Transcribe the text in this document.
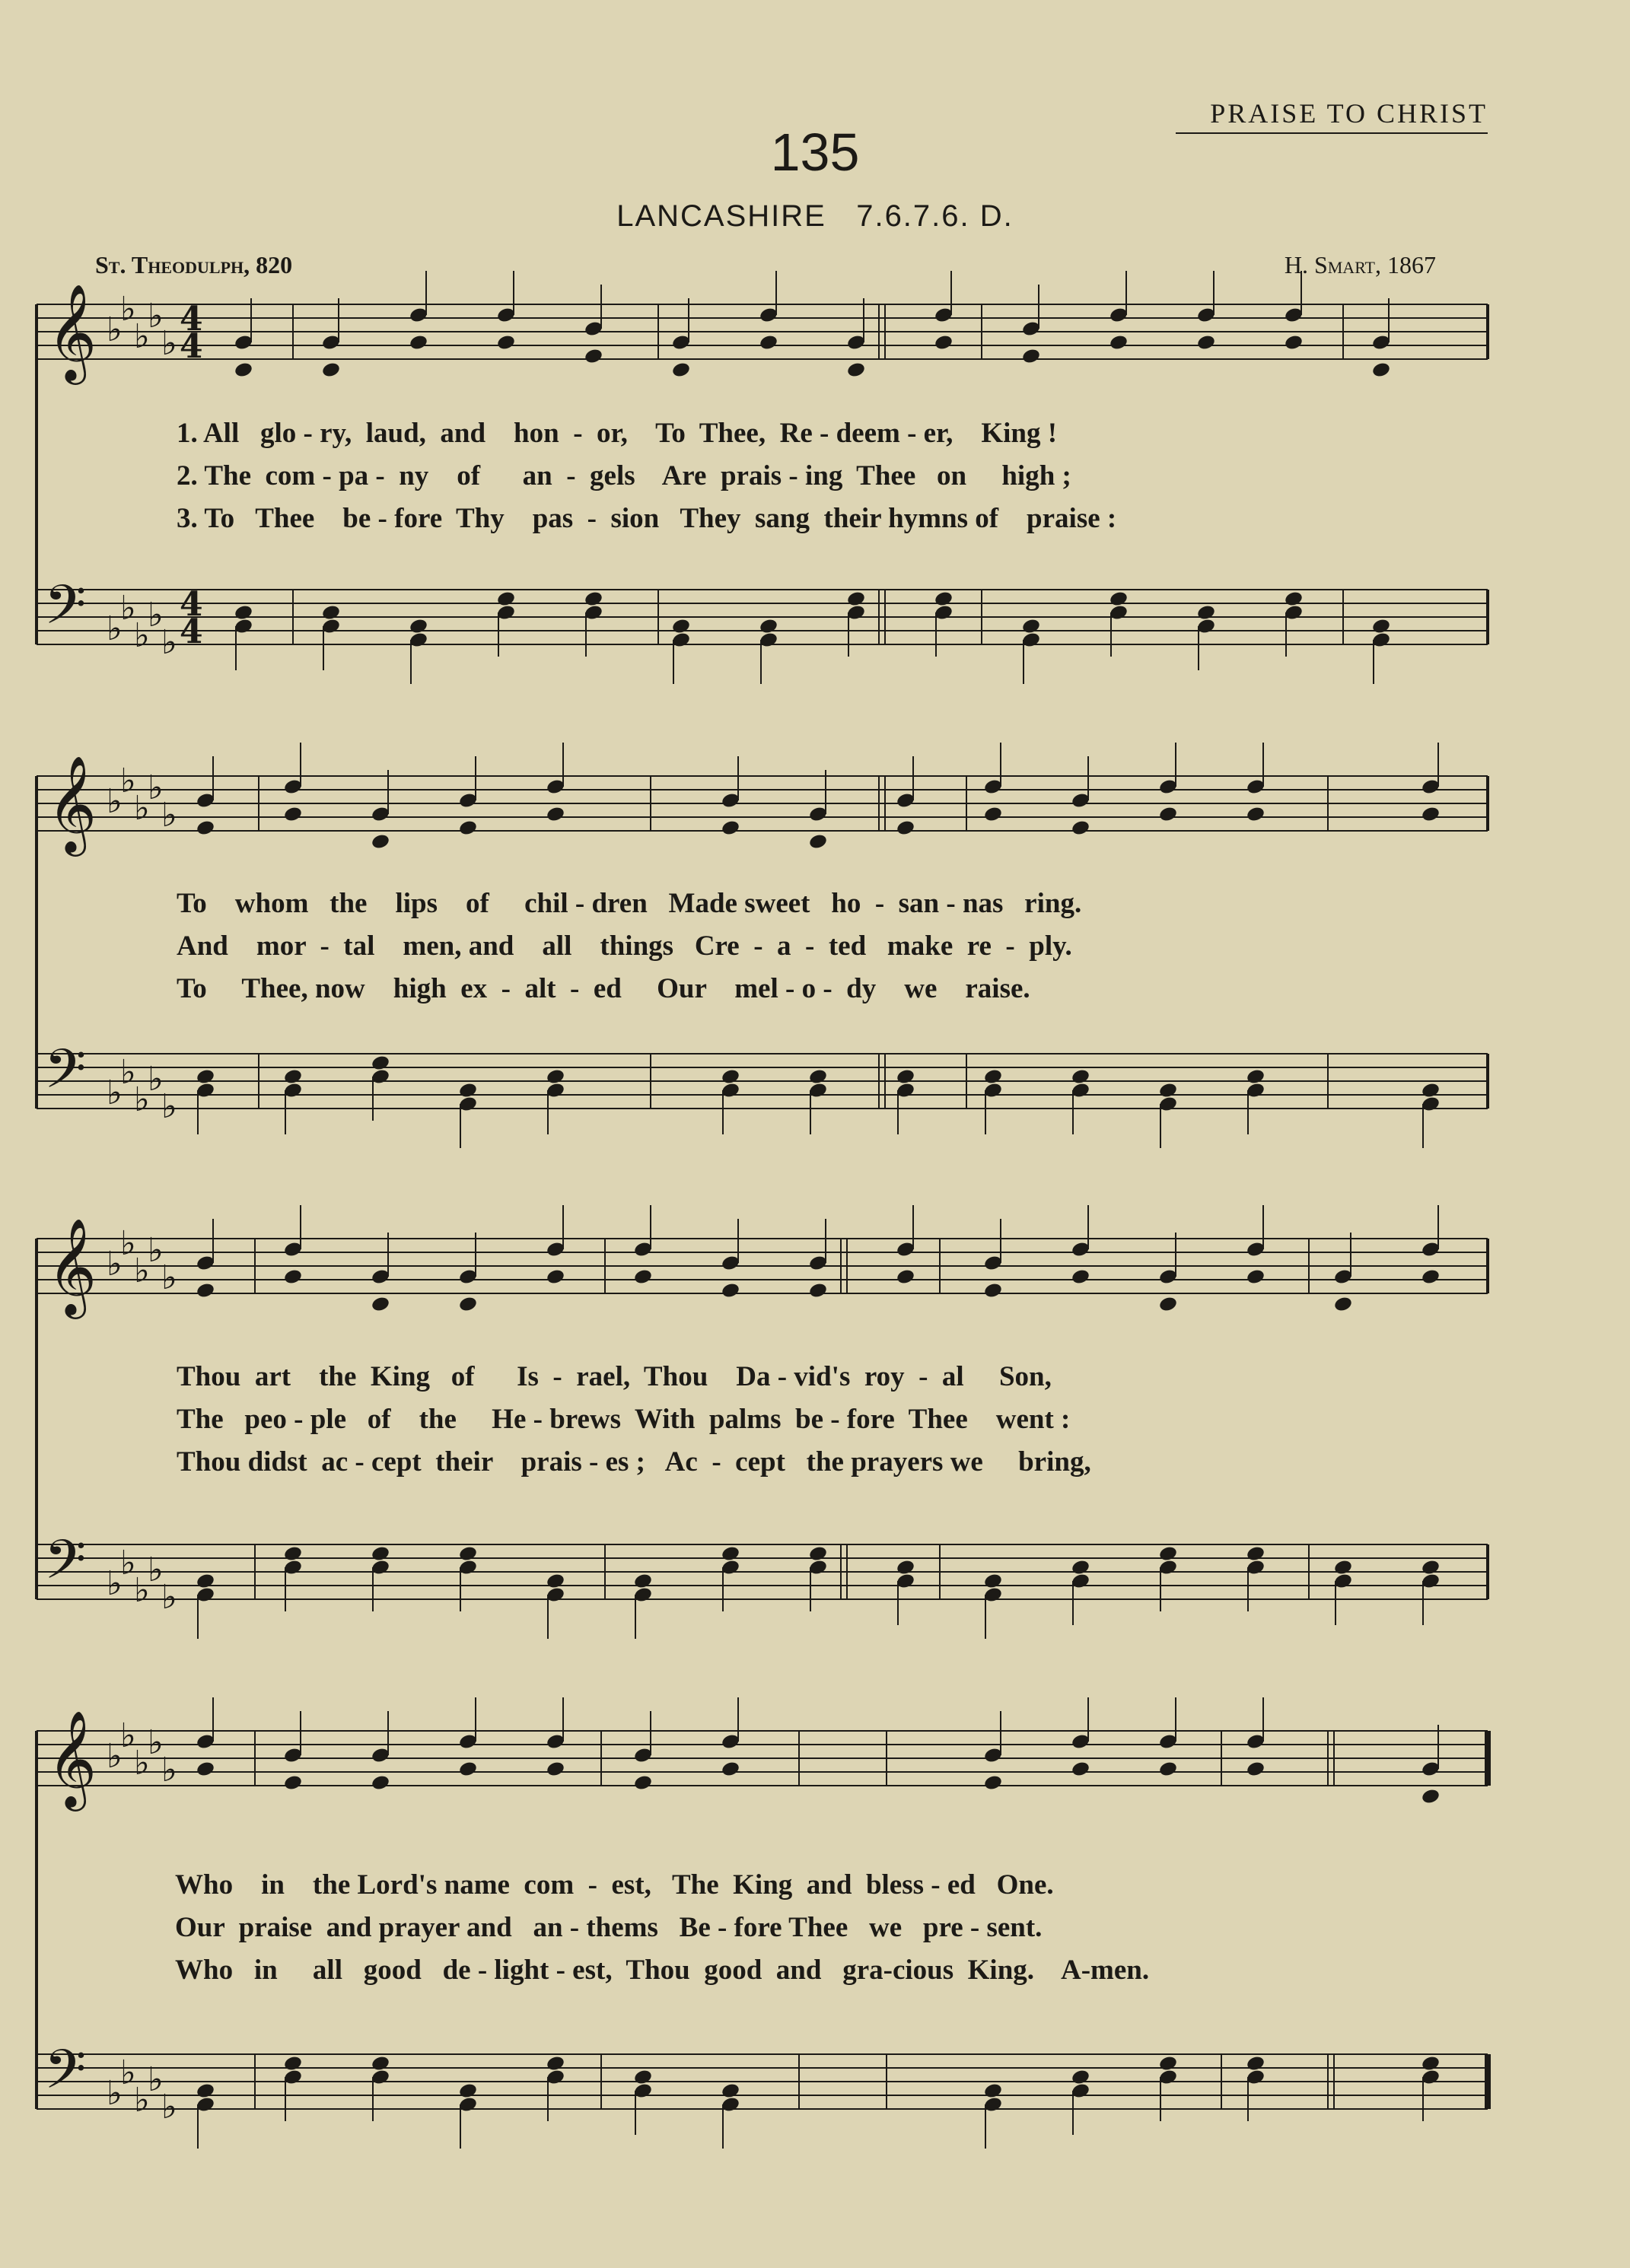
PRAISE TO CHRIST
135
LANCASHIRE 7.6.7.6. D.
St. Theodulph, 820	H. Smart, 1867
𝄞
𝄢
♭
♭
♭
♭
♭
♭
♭
♭
♭
♭
4
4
4
4
𝄞
𝄢
♭
♭
♭
♭
♭
♭
♭
♭
♭
♭
𝄞
𝄢
♭
♭
♭
♭
♭
♭
♭
♭
♭
♭
𝄞
𝄢
♭
♭
♭
♭
♭
♭
♭
♭
♭
♭
1. All   glo - ry,  laud,  and    hon  -  or,    To  Thee,  Re - deem - er,    King !
2. The  com - pa -  ny    of      an  -  gels    Are  prais - ing  Thee   on     high ;
3. To   Thee    be - fore  Thy    pas  -  sion   They  sang  their hymns of    praise :
To    whom   the    lips    of     chil - dren   Made sweet   ho  -  san - nas   ring.
And    mor  -  tal    men, and    all    things   Cre  -  a  -  ted   make  re  -  ply.
To     Thee, now    high  ex  -  alt  -  ed     Our    mel - o -  dy    we    raise.
Thou  art    the  King   of      Is  -  rael,  Thou    Da - vid's  roy  -  al     Son,
The   peo - ple   of    the     He - brews  With  palms  be - fore  Thee    went :
Thou didst  ac - cept  their    prais - es ;   Ac  -  cept   the prayers we     bring,
Who    in    the Lord's name  com  -  est,   The  King  and  bless - ed   One.
Our  praise  and prayer and   an - thems   Be - fore Thee   we   pre - sent.
Who   in     all   good   de - light - est,  Thou  good  and   gra-cious  King.    A-men.
